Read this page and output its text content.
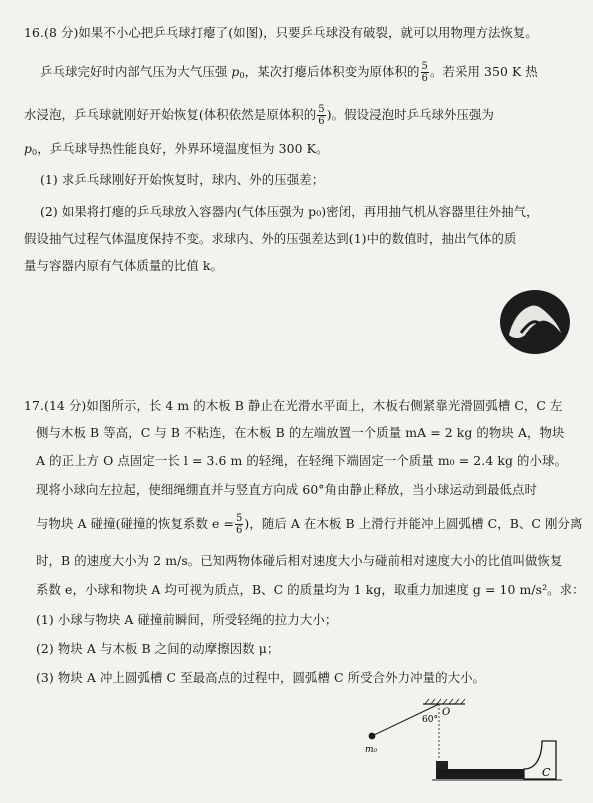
16.(8 分)如果不小心把乒乓球打瘪了(如图)，只要乒乓球没有破裂，就可以用物理方法恢复。
乒乓球完好时内部气压为大气压强 $p_0$，某次打瘪后体积变为原体积的 $\frac{5}{6}$ 。若采用 350 K 热
水浸泡，乒乓球就刚好开始恢复(体积依然是原体积的 $\frac{5}{6}$ )。假设浸泡时乒乓球外压强为
$p_0$，乒乓球导热性能良好，外界环境温度恒为 300 K。
(1) 求乒乓球刚好开始恢复时，球内、外的压强差；
(2) 如果将打瘪的乒乓球放入容器内(气体压强为 p₀)密闭，再用抽气机从容器里往外抽气，
假设抽气过程气体温度保持不变。求球内、外的压强差达到(1)中的数值时，抽出气体的质
量与容器内原有气体质量的比值 k。
17.(14 分)如图所示，长 4 m 的木板 B 静止在光滑水平面上，木板右侧紧靠光滑圆弧槽 C，C 左
侧与木板 B 等高，C 与 B 不粘连，在木板 B 的左端放置一个质量 mA = 2 kg 的物块 A，物块
A 的正上方 O 点固定一长 l = 3.6 m 的轻绳，在轻绳下端固定一个质量 m₀ = 2.4 kg 的小球。
现将小球向左拉起，使细绳绷直并与竖直方向成 60°角由静止释放，当小球运动到最低点时
与物块 A 碰撞(碰撞的恢复系数 $e = \frac{5}{6}$ )，随后 A 在木板 B 上滑行并能冲上圆弧槽 C，B、C 刚分离
时，B 的速度大小为 2 m/s。已知两物体碰后相对速度大小与碰前相对速度大小的比值叫做恢复
系数 e，小球和物块 A 均可视为质点，B、C 的质量均为 1 kg，取重力加速度 g = 10 m/s²。求：
(1) 小球与物块 A 碰撞前瞬间，所受轻绳的拉力大小；
(2) 物块 A 与木板 B 之间的动摩擦因数 μ；
(3) 物块 A 冲上圆弧槽 C 至最高点的过程中，圆弧槽 C 所受合外力冲量的大小。
O
60°
m₀
C
